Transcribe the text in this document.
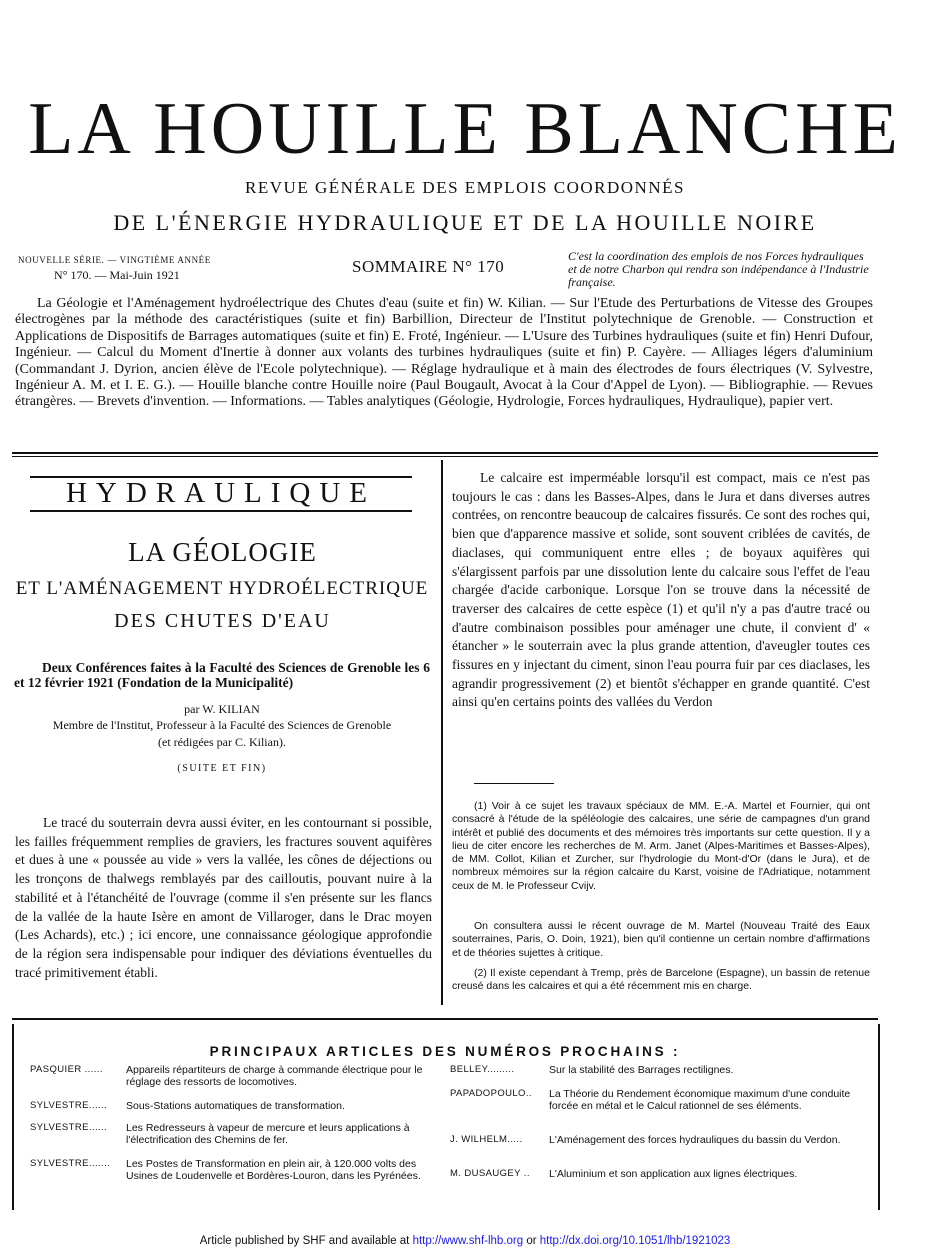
LA HOUILLE BLANCHE
REVUE GÉNÉRALE DES EMPLOIS COORDONNÉS
DE L'ÉNERGIE HYDRAULIQUE ET DE LA HOUILLE NOIRE
NOUVELLE SÉRIE. — VINGTIÈME ANNÉE
N° 170. — Mai-Juin 1921	SOMMAIRE N° 170
C'est la coordination des emplois de nos Forces hydrauliques et de notre Charbon qui rendra son indépendance à l'Industrie française.
La Géologie et l'Aménagement hydroélectrique des Chutes d'eau (suite et fin) W. Kilian. — Sur l'Etude des Perturbations de Vitesse des Groupes électrogènes par la méthode des caractéristiques (suite et fin) Barbillion, Directeur de l'Institut polytechnique de Grenoble. — Construction et Applications de Dispositifs de Barrages automatiques (suite et fin) E. Froté, Ingénieur. — L'Usure des Turbines hydrauliques (suite et fin) Henri Dufour, Ingénieur. — Calcul du Moment d'Inertie à donner aux volants des turbines hydrauliques (suite et fin) P. Cayère. — Alliages légers d'aluminium (Commandant J. Dyrion, ancien élève de l'Ecole polytechnique). — Réglage hydraulique et à main des électrodes de fours électriques (V. Sylvestre, Ingénieur A. M. et I. E. G.). — Houille blanche contre Houille noire (Paul Bougault, Avocat à la Cour d'Appel de Lyon). — Bibliographie. — Revues étrangères. — Brevets d'invention. — Informations. — Tables analytiques (Géologie, Hydrologie, Forces hydrauliques, Hydraulique), papier vert.
HYDRAULIQUE
LA GÉOLOGIE
ET L'AMÉNAGEMENT HYDROÉLECTRIQUE
DES CHUTES D'EAU
Deux Conférences faites à la Faculté des Sciences de Grenoble les 6 et 12 février 1921 (Fondation de la Municipalité)
par W. KILIAN
Membre de l'Institut, Professeur à la Faculté des Sciences de Grenoble
(et rédigées par C. Kilian).
(SUITE ET FIN)
Le tracé du souterrain devra aussi éviter, en les contournant si possible, les failles fréquemment remplies de graviers, les fractures souvent aquifères et dues à une « poussée au vide » vers la vallée, les cônes de déjections ou les tronçons de thalwegs remblayés par des cailloutis, pouvant nuire à la stabilité et à l'étanchéité de l'ouvrage (comme il s'en présente sur les flancs de la vallée de la haute Isère en amont de Villaroger, dans le Drac moyen (Les Achards), etc.) ; ici encore, une connaissance géologique approfondie de la région sera indispensable pour indiquer des déviations éventuelles du tracé primitivement établi.
Le calcaire est imperméable lorsqu'il est compact, mais ce n'est pas toujours le cas : dans les Basses-Alpes, dans le Jura et dans diverses autres contrées, on rencontre beaucoup de calcaires fissurés. Ce sont des roches qui, bien que d'apparence massive et solide, sont souvent criblées de cavités, de diaclases, qui communiquent entre elles ; de boyaux aquifères qui s'élargissent parfois par une dissolution lente du calcaire sous l'effet de l'eau chargée d'acide carbonique. Lorsque l'on se trouve dans la nécessité de traverser des calcaires de cette espèce (1) et qu'il n'y a pas d'autre tracé ou d'autre combinaison possibles pour aménager une chute, il convient d' « étancher » le souterrain avec la plus grande attention, d'aveugler toutes ces fissures en y injectant du ciment, sinon l'eau pourra fuir par ces diaclases, les agrandir progressivement (2) et bientôt s'échapper en grande quantité. C'est ainsi qu'en certains points des vallées du Verdon
(1) Voir à ce sujet les travaux spéciaux de MM. E.-A. Martel et Fournier, qui ont consacré à l'étude de la spéléologie des calcaires, une série de campagnes d'un grand intérêt et publié des documents et des mémoires très importants sur cette question. Il y a lieu de citer encore les recherches de M. Arm. Janet (Alpes-Maritimes et Basses-Alpes), de MM. Collot, Kilian et Zurcher, sur l'hydrologie du Mont-d'Or (dans le Jura), et de nombreux mémoires sur la région calcaire du Karst, voisine de l'Adriatique, notamment ceux de M. le Professeur Cvijv.
On consultera aussi le récent ouvrage de M. Martel (Nouveau Traité des Eaux souterraines, Paris, O. Doin, 1921), bien qu'il contienne un certain nombre d'affirmations et de théories sujettes à critique.
(2) Il existe cependant à Tremp, près de Barcelone (Espagne), un bassin de retenue creusé dans les calcaires et qui a été récemment mis en charge.
PRINCIPAUX ARTICLES DES NUMÉROS PROCHAINS :
PASQUIER ...... Appareils répartiteurs de charge à commande électrique pour le réglage des ressorts de locomotives.
SYLVESTRE...... Sous-Stations automatiques de transformation.
SYLVESTRE...... Les Redresseurs à vapeur de mercure et leurs applications à l'électrification des Chemins de fer.
SYLVESTRE....... Les Postes de Transformation en plein air, à 120.000 volts des Usines de Loudenvelle et Bordères-Louron, dans les Pyrénées.
BELLEY.........	Sur la stabilité des Barrages rectilignes.
PAPADOPOULO.. La Théorie du Rendement économique maximum d'une conduite forcée en métal et le Calcul rationnel de ses éléments.
J. WILHELM.....	L'Aménagement des forces hydrauliques du bassin du Verdon.
M. DUSAUGEY .. L'Aluminium et son application aux lignes électriques.
Article published by SHF and available at http://www.shf-lhb.org or http://dx.doi.org/10.1051/lhb/1921023
